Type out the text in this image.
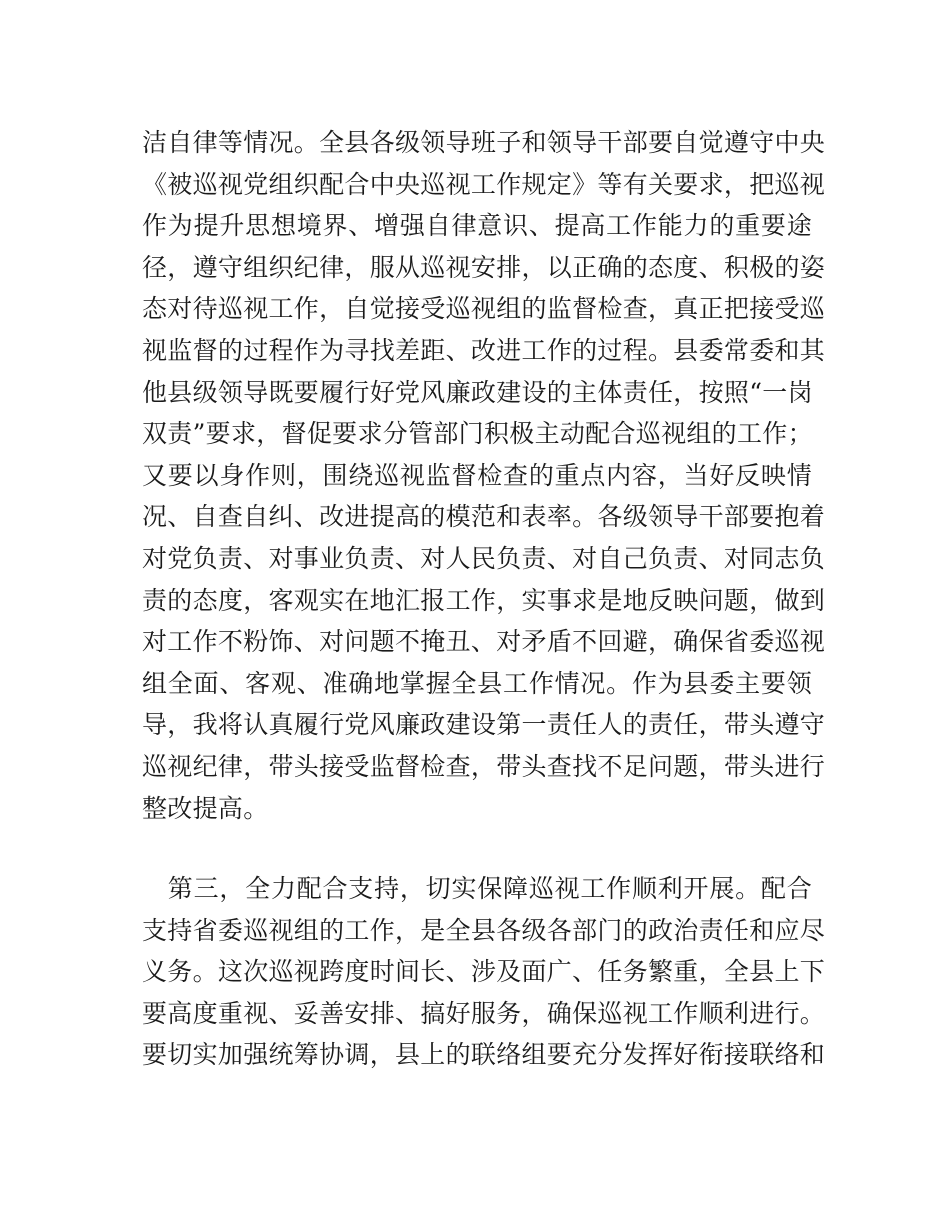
洁自律等情况。全县各级领导班子和领导干部要自觉遵守中央
《被巡视党组织配合中央巡视工作规定》等有关要求，把巡视
作为提升思想境界、增强自律意识、提高工作能力的重要途
径，遵守组织纪律，服从巡视安排，以正确的态度、积极的姿
态对待巡视工作，自觉接受巡视组的监督检查，真正把接受巡
视监督的过程作为寻找差距、改进工作的过程。县委常委和其
他县级领导既要履行好党风廉政建设的主体责任，按照“一岗
双责”要求，督促要求分管部门积极主动配合巡视组的工作；
又要以身作则，围绕巡视监督检查的重点内容，当好反映情
况、自查自纠、改进提高的模范和表率。各级领导干部要抱着
对党负责、对事业负责、对人民负责、对自己负责、对同志负
责的态度，客观实在地汇报工作，实事求是地反映问题，做到
对工作不粉饰、对问题不掩丑、对矛盾不回避，确保省委巡视
组全面、客观、准确地掌握全县工作情况。作为县委主要领
导，我将认真履行党风廉政建设第一责任人的责任，带头遵守
巡视纪律，带头接受监督检查，带头查找不足问题，带头进行
整改提高。
　第三，全力配合支持，切实保障巡视工作顺利开展。配合
支持省委巡视组的工作，是全县各级各部门的政治责任和应尽
义务。这次巡视跨度时间长、涉及面广、任务繁重，全县上下
要高度重视、妥善安排、搞好服务，确保巡视工作顺利进行。
要切实加强统筹协调，县上的联络组要充分发挥好衔接联络和
